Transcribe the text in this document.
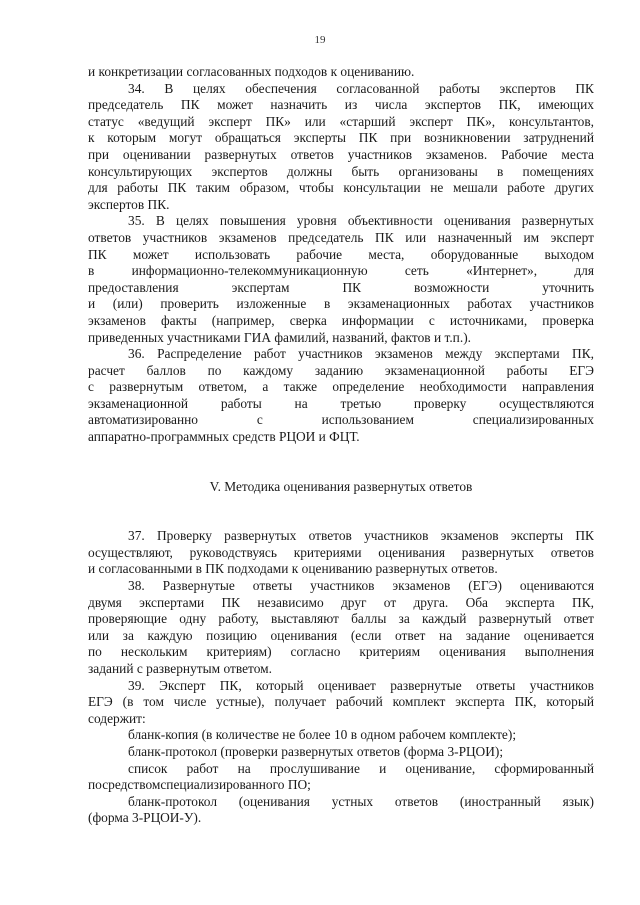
19
и конкретизации согласованных подходов к оцениванию.
34. В целях обеспечения согласованной работы экспертов ПК
председатель ПК может назначить из числа экспертов ПК, имеющих
статус «ведущий эксперт ПК» или «старший эксперт ПК», консультантов,
к которым могут обращаться эксперты ПК при возникновении затруднений
при оценивании развернутых ответов участников экзаменов. Рабочие места
консультирующих экспертов должны быть организованы в помещениях
для работы ПК таким образом, чтобы консультации не мешали работе других
экспертов ПК.
35. В целях повышения уровня объективности оценивания развернутых
ответов участников экзаменов председатель ПК или назначенный им эксперт
ПК может использовать рабочие места, оборудованные выходом
в информационно-телекоммуникационную сеть «Интернет», для
предоставления экспертам ПК возможности уточнить
и (или) проверить изложенные в экзаменационных работах участников
экзаменов факты (например, сверка информации с источниками, проверка
приведенных участниками ГИА фамилий, названий, фактов и т.п.).
36. Распределение работ участников экзаменов между экспертами ПК,
расчет баллов по каждому заданию экзаменационной работы ЕГЭ
с развернутым ответом, а также определение необходимости направления
экзаменационной работы на третью проверку осуществляются
автоматизированно с использованием специализированных
аппаратно-программных средств РЦОИ и ФЦТ.
V. Методика оценивания развернутых ответов
37. Проверку развернутых ответов участников экзаменов эксперты ПК
осуществляют, руководствуясь критериями оценивания развернутых ответов
и согласованными в ПК подходами к оцениванию развернутых ответов.
38. Развернутые ответы участников экзаменов (ЕГЭ) оцениваются
двумя экспертами ПК независимо друг от друга. Оба эксперта ПК,
проверяющие одну работу, выставляют баллы за каждый развернутый ответ
или за каждую позицию оценивания (если ответ на задание оценивается
по нескольким критериям) согласно критериям оценивания выполнения
заданий с развернутым ответом.
39. Эксперт ПК, который оценивает развернутые ответы участников
ЕГЭ (в том числе устные), получает рабочий комплект эксперта ПК, который
содержит:
бланк-копия (в количестве не более 10 в одном рабочем комплекте);
бланк-протокол (проверки развернутых ответов (форма 3-РЦОИ);
список работ на прослушивание и оценивание, сформированный
посредствомспециализированного ПО;
бланк-протокол (оценивания устных ответов (иностранный язык)
(форма 3-РЦОИ-У).
